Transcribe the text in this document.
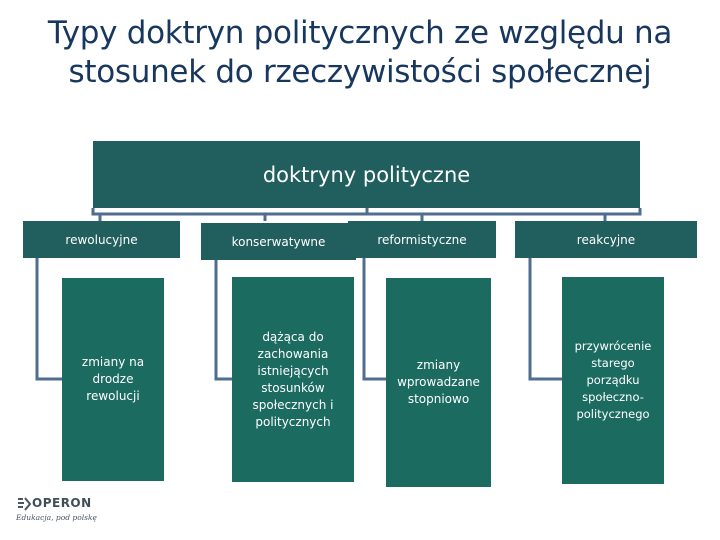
Typy doktryn politycznych ze względu na
stosunek do rzeczywistości społecznej
doktryny polityczne
rewolucyjne	konserwatywne	reformistyczne	reakcyjne
zmiany na drodze rewolucji
dążąca do zachowania istniejących stosunków społecznych i politycznych
zmiany wprowadzane stopniowo
przywrócenie starego porządku społeczno-politycznego
OPERON
Edukacja, pod polskę
